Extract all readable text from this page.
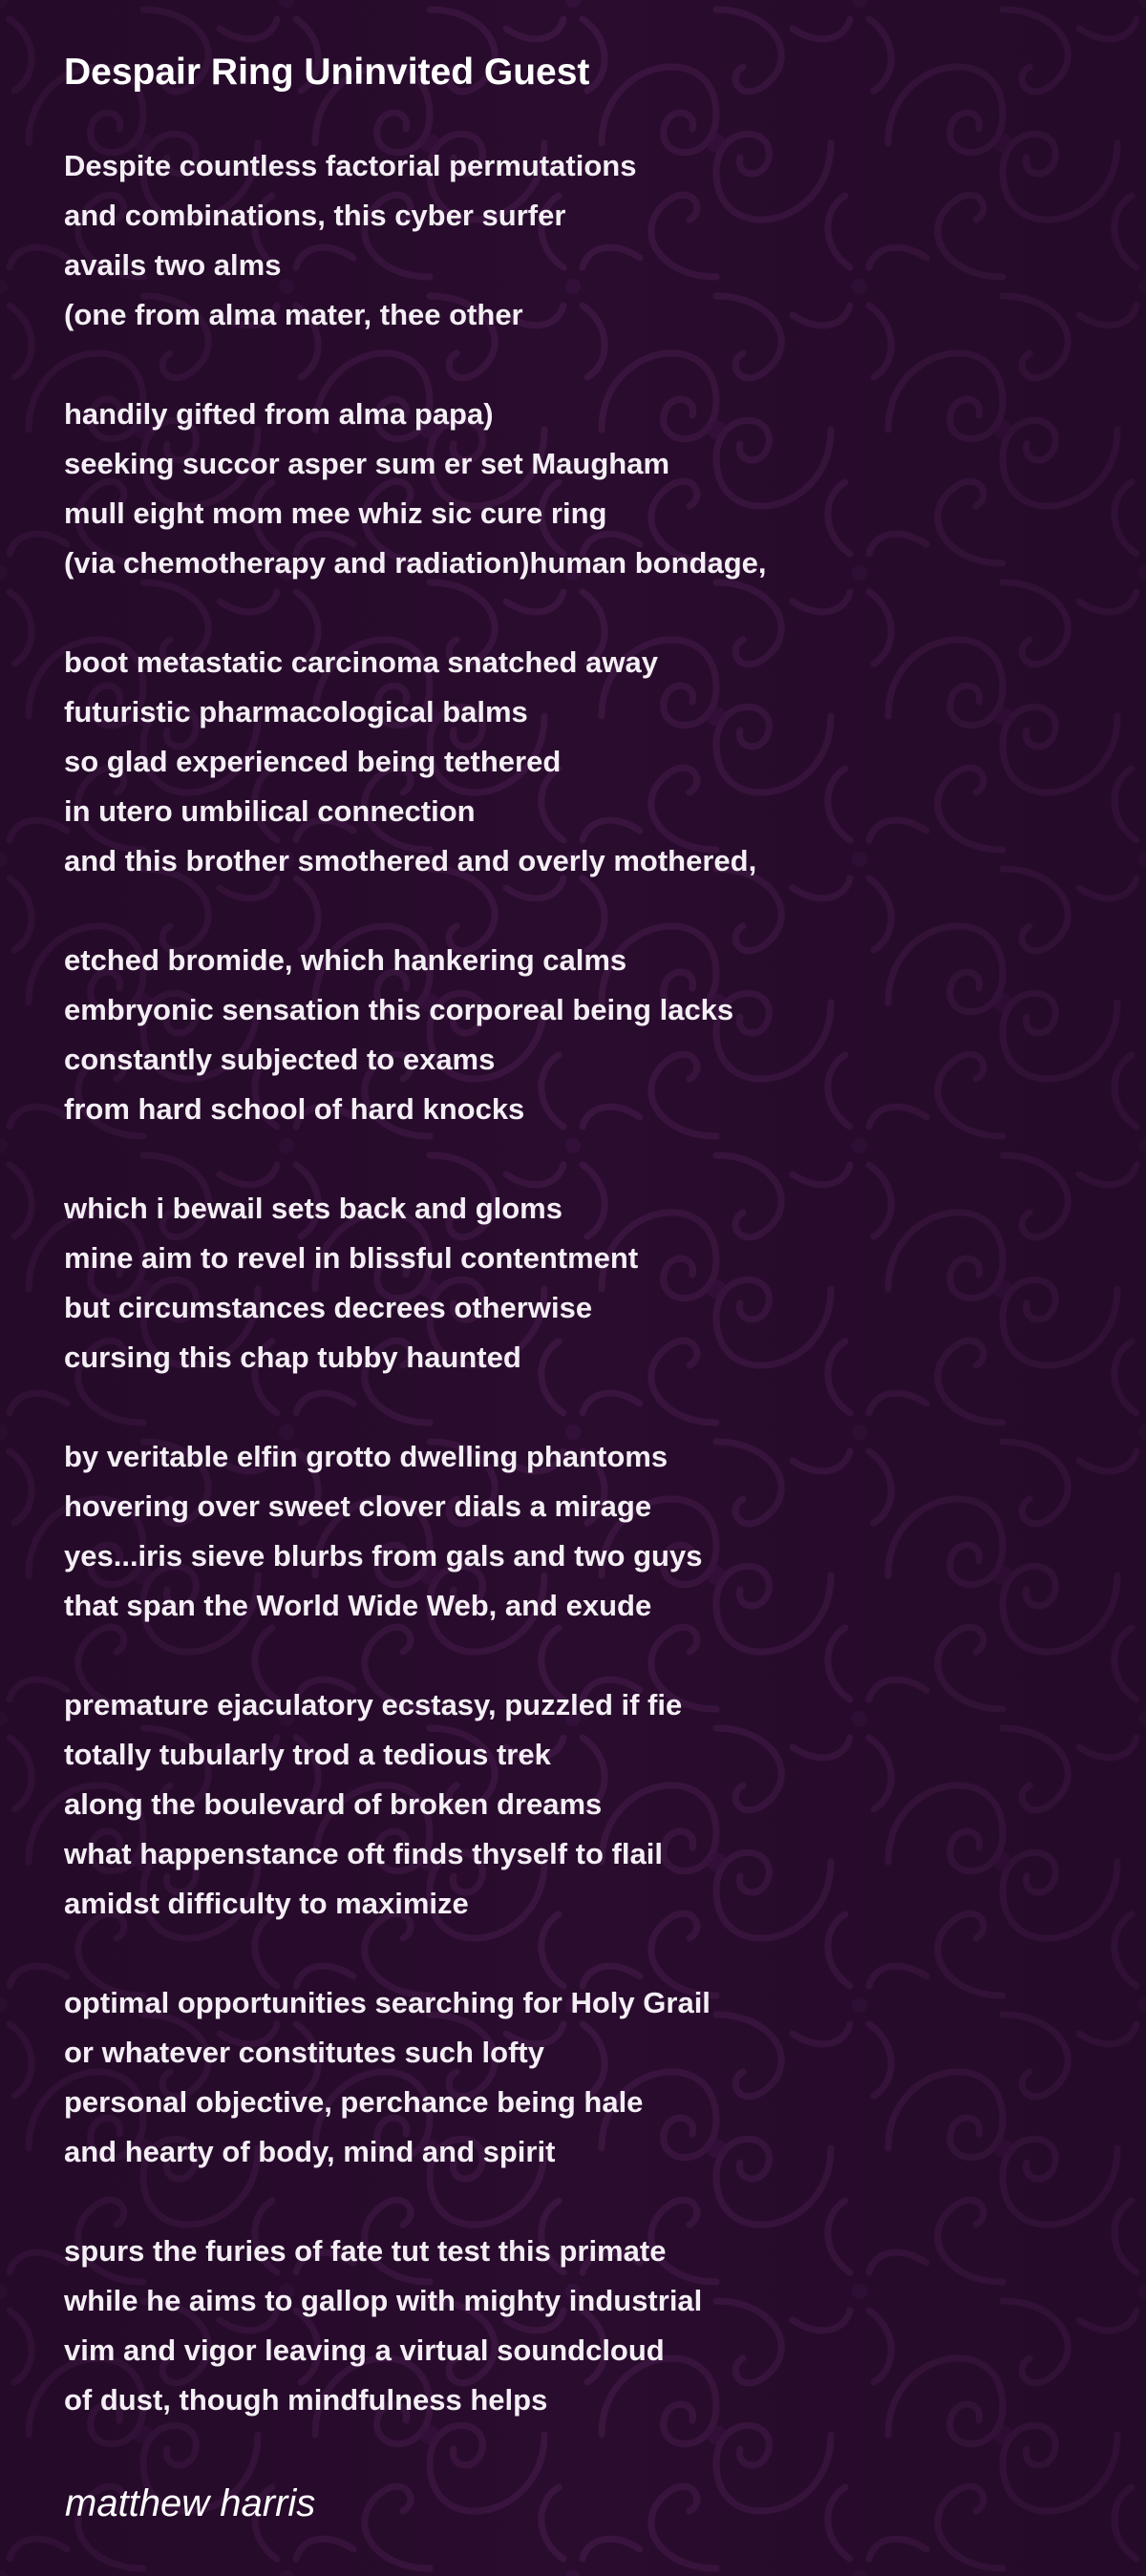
Despair Ring Uninvited Guest
Despite countless factorial permutations
and combinations, this cyber surfer
avails two alms
(one from alma mater, thee other
handily gifted from alma papa)
seeking succor asper sum er set Maugham
mull eight mom mee whiz sic cure ring
(via chemotherapy and radiation)human bondage,
boot metastatic carcinoma snatched away
futuristic pharmacological balms
so glad experienced being tethered
in utero umbilical connection
and this brother smothered and overly mothered,
etched bromide, which hankering calms
embryonic sensation this corporeal being lacks
constantly subjected to exams
from hard school of hard knocks
which i bewail sets back and gloms
mine aim to revel in blissful contentment
but circumstances decrees otherwise
cursing this chap tubby haunted
by veritable elfin grotto dwelling phantoms
hovering over sweet clover dials a mirage
yes...iris sieve blurbs from gals and two guys
that span the World Wide Web, and exude
premature ejaculatory ecstasy, puzzled if fie
totally tubularly trod a tedious trek
along the boulevard of broken dreams
what happenstance oft finds thyself to flail
amidst difficulty to maximize
optimal opportunities searching for Holy Grail
or whatever constitutes such lofty
personal objective, perchance being hale
and hearty of body, mind and spirit
spurs the furies of fate tut test this primate
while he aims to gallop with mighty industrial
vim and vigor leaving a virtual soundcloud
of dust, though mindfulness helps
matthew harris
